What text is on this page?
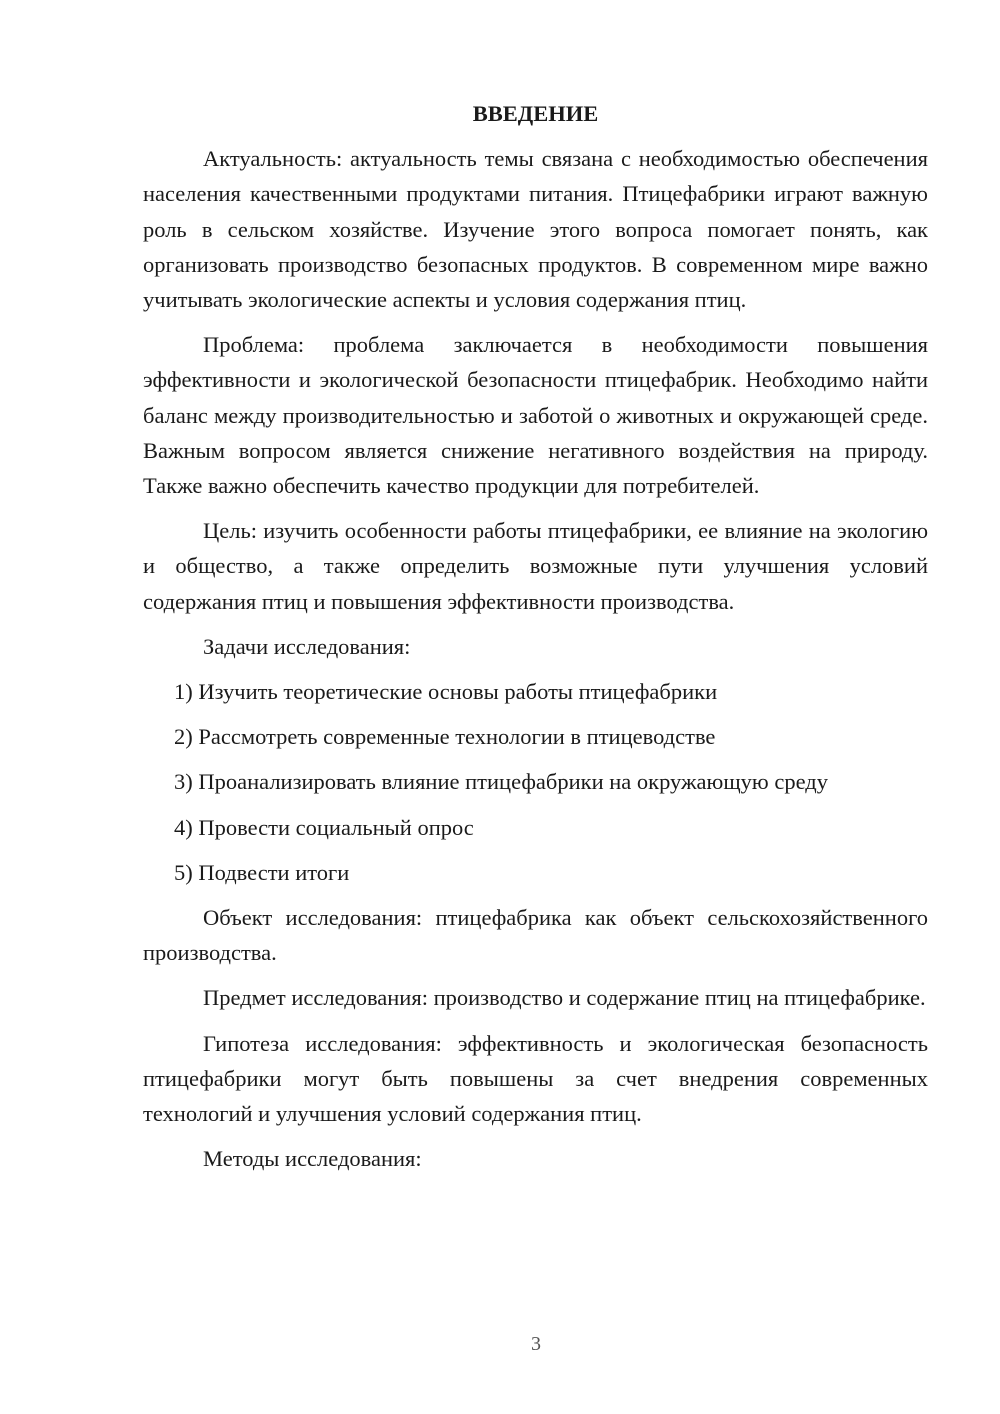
ВВЕДЕНИЕ

Актуальность: актуальность темы связана с необходимостью обеспечения населения качественными продуктами питания. Птицефабрики играют важную роль в сельском хозяйстве. Изучение этого вопроса помогает понять, как организовать производство безопасных продуктов. В современном мире важно учитывать экологические аспекты и условия содержания птиц.

Проблема: проблема заключается в необходимости повышения эффективности и экологической безопасности птицефабрик. Необходимо найти баланс между производительностью и заботой о животных и окружающей среде. Важным вопросом является снижение негативного воздействия на природу. Также важно обеспечить качество продукции для потребителей.

Цель: изучить особенности работы птицефабрики, ее влияние на экологию и общество, а также определить возможные пути улучшения условий содержания птиц и повышения эффективности производства.

Задачи исследования:

1) Изучить теоретические основы работы птицефабрики
2) Рассмотреть современные технологии в птицеводстве
3) Проанализировать влияние птицефабрики на окружающую среду
4) Провести социальный опрос
5) Подвести итоги

Объект исследования: птицефабрика как объект сельскохозяйственного производства.

Предмет исследования: производство и содержание птиц на птицефабрике.

Гипотеза исследования: эффективность и экологическая безопасность птицефабрики могут быть повышены за счет внедрения современных технологий и улучшения условий содержания птиц.

Методы исследования:

3
